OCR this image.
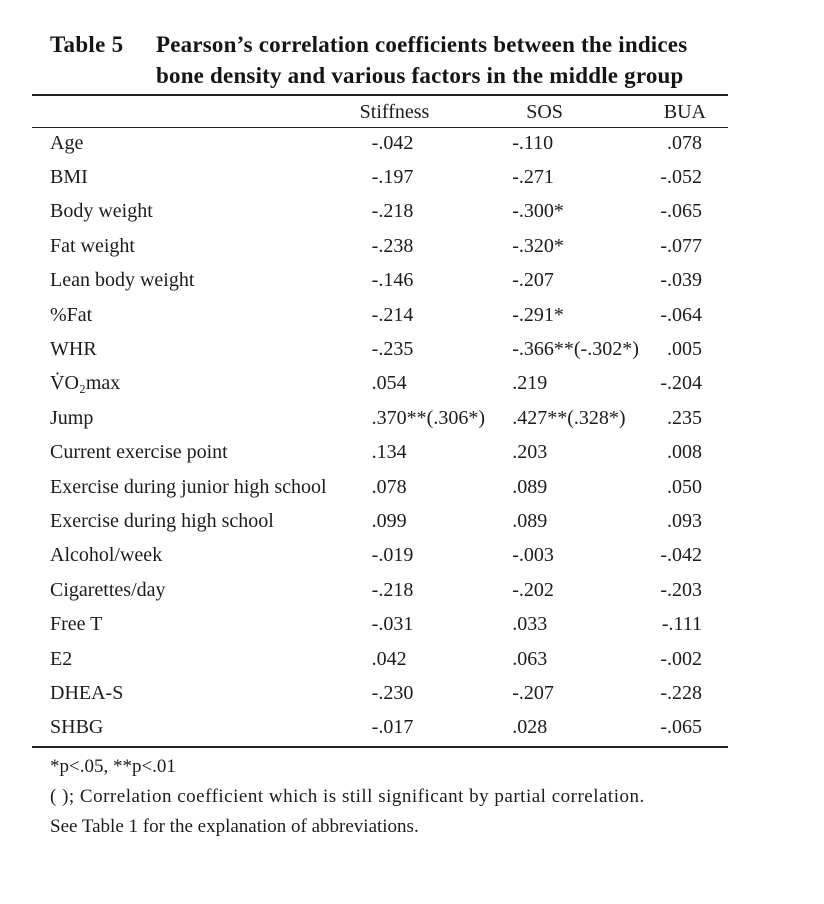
Table 5 Pearson’s correlation coefficients between the indices
bone density and various factors in the middle group
	Stiffness	SOS	BUA
Age	-.042	-.110	.078
BMI	-.197	-.271	-.052
Body weight	-.218	-.300*	-.065
Fat weight	-.238	-.320*	-.077
Lean body weight	-.146	-.207	-.039
%Fat	-.214	-.291*	-.064
WHR	-.235	-.366**(-.302*)	.005
V̇O₂max	.054	.219	-.204
Jump	.370**(.306*)	.427**(.328*)	.235
Current exercise point	.134	.203	.008
Exercise during junior high school	.078	.089	.050
Exercise during high school	.099	.089	.093
Alcohol/week	-.019	-.003	-.042
Cigarettes/day	-.218	-.202	-.203
Free T	-.031	.033	-.111
E2	.042	.063	-.002
DHEA-S	-.230	-.207	-.228
SHBG	-.017	.028	-.065
*p<.05, **p<.01
( ); Correlation coefficient which is still significant by partial correlation.
See Table 1 for the explanation of abbreviations.
